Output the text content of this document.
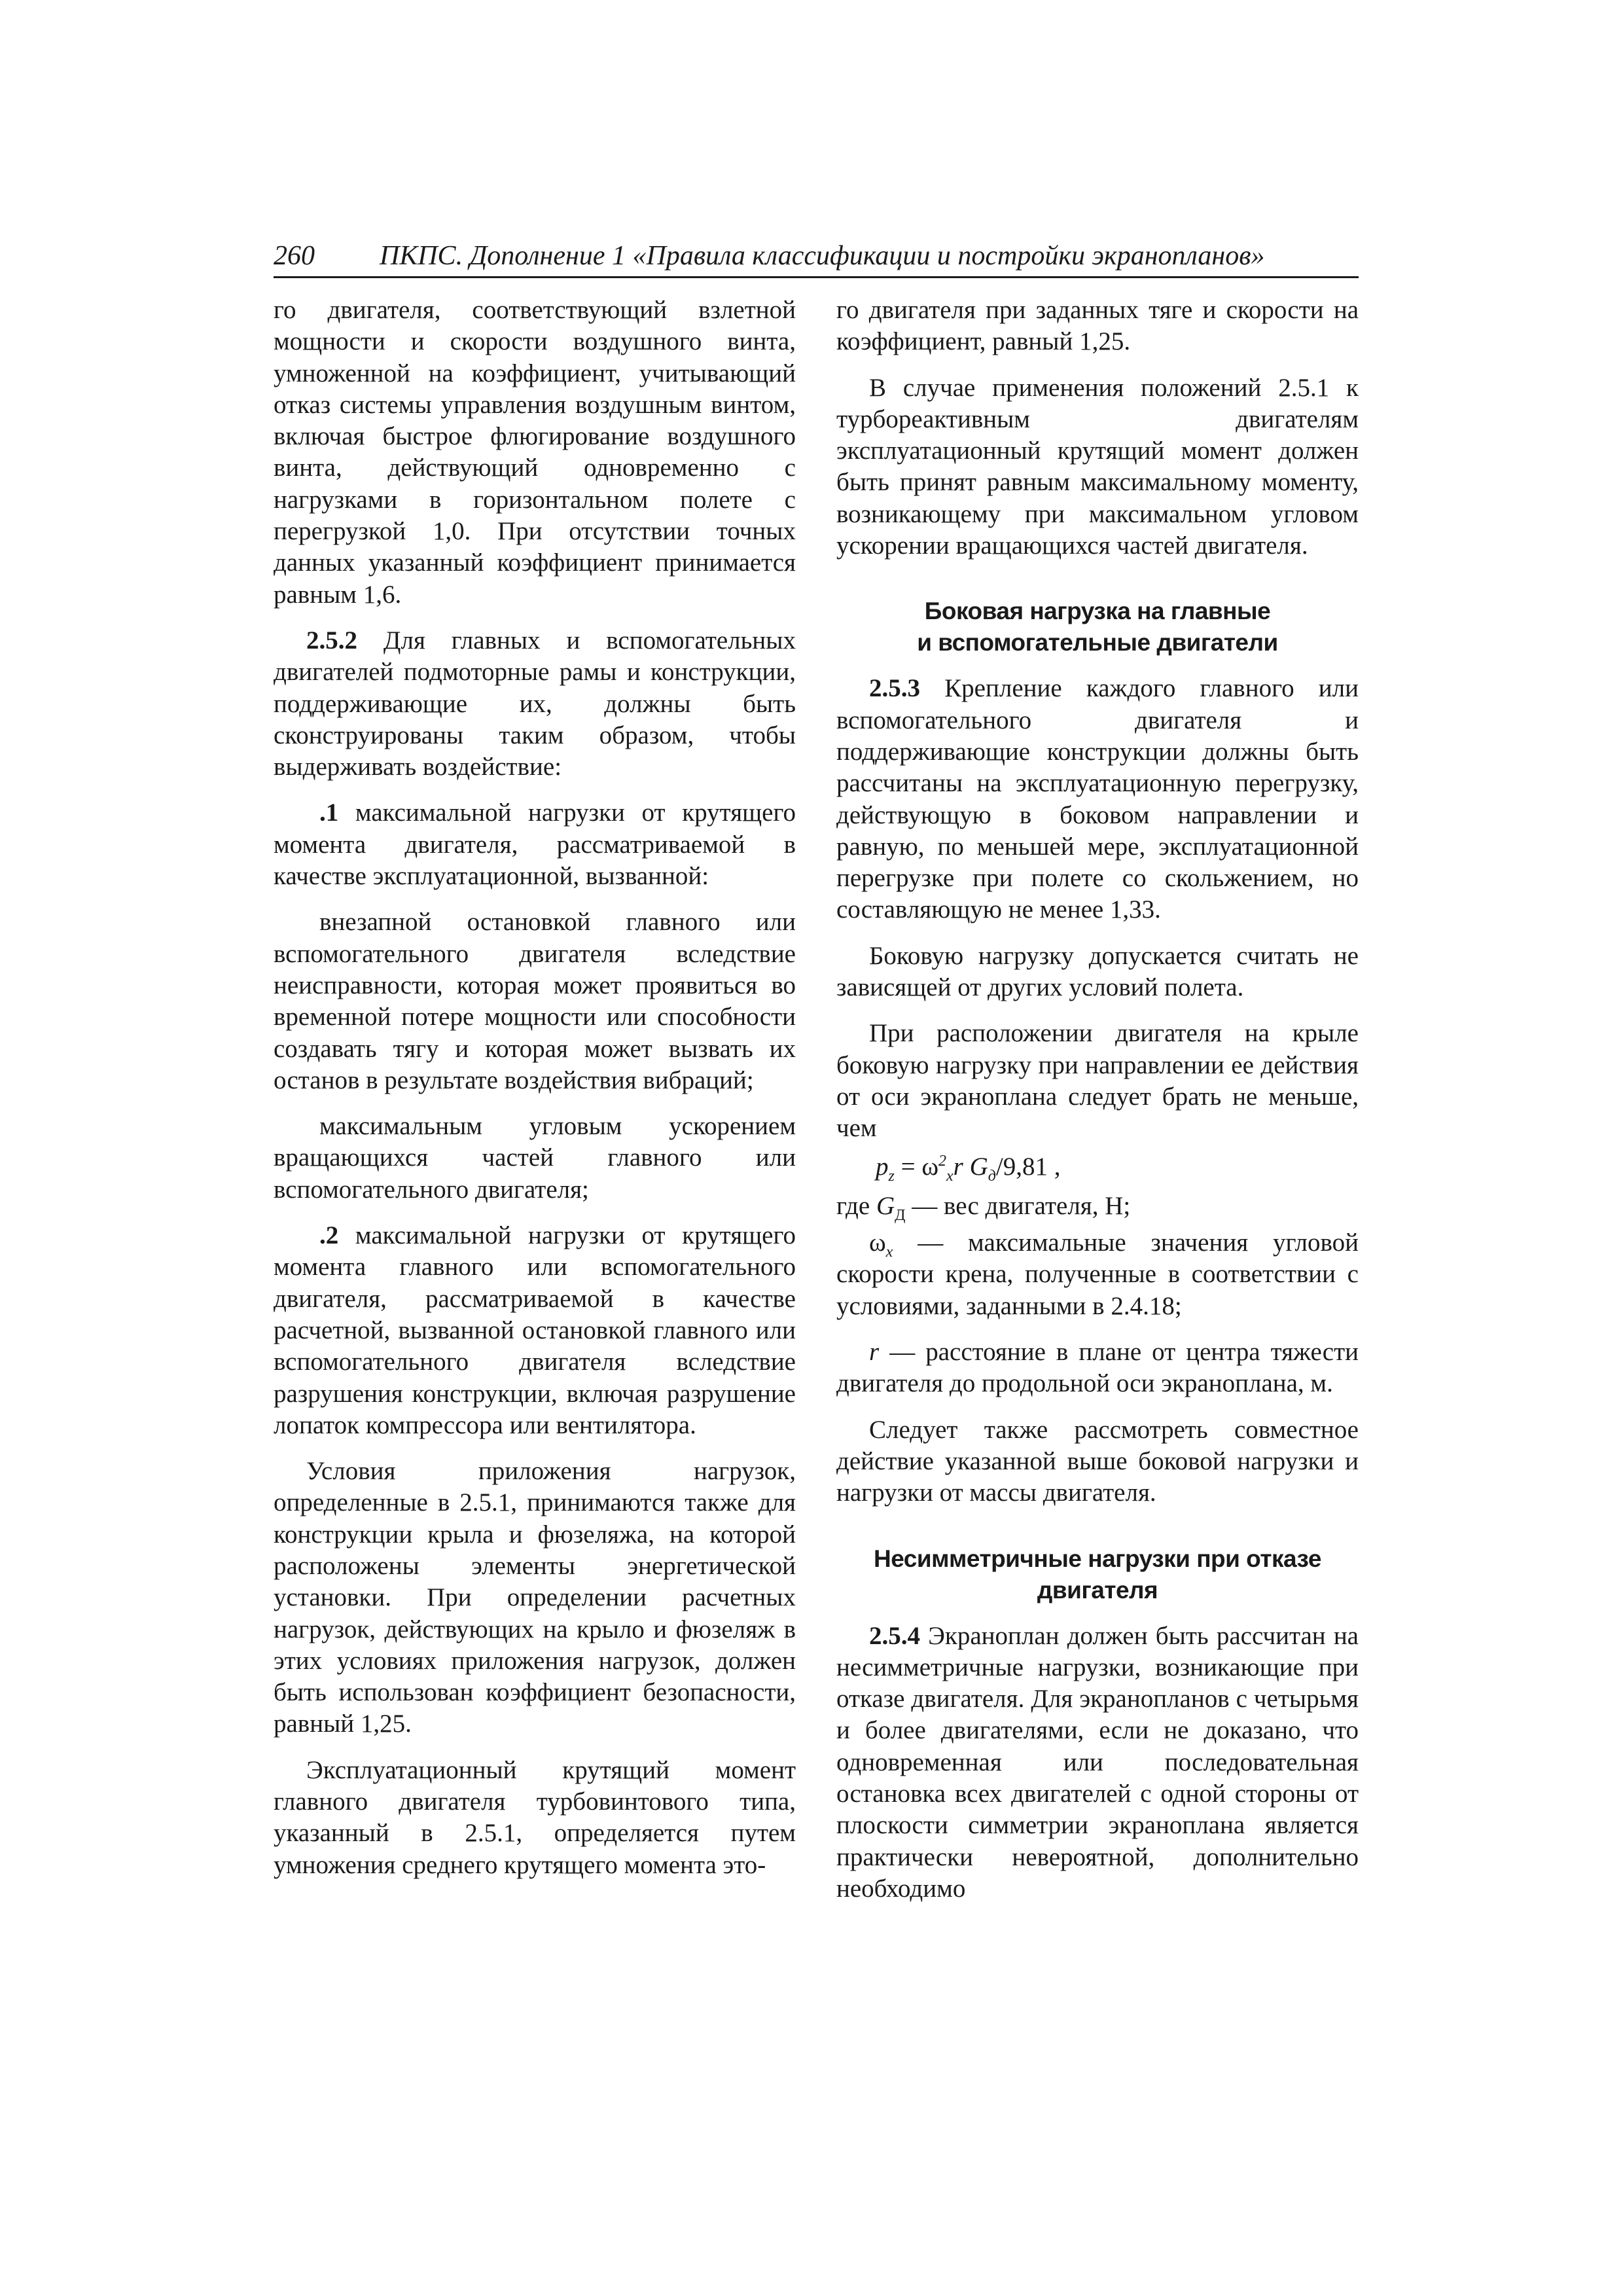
260 ПКПС. Дополнение 1 «Правила классификации и постройки экранопланов»

го двигателя, соответствующий взлетной мощности и скорости воздушного винта, умноженной на коэффициент, учитывающий отказ системы управления воздушным винтом, включая быстрое флюгирование воздушного винта, действующий одновременно с нагрузками в горизонтальном полете с перегрузкой 1,0. При отсутствии точных данных указанный коэффициент принимается равным 1,6.

2.5.2 Для главных и вспомогательных двигателей подмоторные рамы и конструкции, поддерживающие их, должны быть сконструированы таким образом, чтобы выдерживать воздействие:

.1 максимальной нагрузки от крутящего момента двигателя, рассматриваемой в качестве эксплуатационной, вызванной:

внезапной остановкой главного или вспомогательного двигателя вследствие неисправности, которая может проявиться во временной потере мощности или способности создавать тягу и которая может вызвать их останов в результате воздействия вибраций;

максимальным угловым ускорением вращающихся частей главного или вспомогательного двигателя;

.2 максимальной нагрузки от крутящего момента главного или вспомогательного двигателя, рассматриваемой в качестве расчетной, вызванной остановкой главного или вспомогательного двигателя вследствие разрушения конструкции, включая разрушение лопаток компрессора или вентилятора.

Условия приложения нагрузок, определенные в 2.5.1, принимаются также для конструкции крыла и фюзеляжа, на которой расположены элементы энергетической установки. При определении расчетных нагрузок, действующих на крыло и фюзеляж в этих условиях приложения нагрузок, должен быть использован коэффициент безопасности, равный 1,25.

Эксплуатационный крутящий момент главного двигателя турбовинтового типа, указанный в 2.5.1, определяется путем умножения среднего крутящего момента это-

го двигателя при заданных тяге и скорости на коэффициент, равный 1,25.

В случае применения положений 2.5.1 к турбореактивным двигателям эксплуатационный крутящий момент должен быть принят равным максимальному моменту, возникающему при максимальном угловом ускорении вращающихся частей двигателя.

Боковая нагрузка на главные
и вспомогательные двигатели

2.5.3 Крепление каждого главного или вспомогательного двигателя и поддерживающие конструкции должны быть рассчитаны на эксплуатационную перегрузку, действующую в боковом направлении и равную, по меньшей мере, эксплуатационной перегрузке при полете со скольжением, но составляющую не менее 1,33.

Боковую нагрузку допускается считать не зависящей от других условий полета.

При расположении двигателя на крыле боковую нагрузку при направлении ее действия от оси экраноплана следует брать не меньше, чем

$p_z = \omega^2_xr$ $G_д/9,81$ ,

где $G_Д$ — вес двигателя, Н;

$\omega_x$ — максимальные значения угловой скорости крена, полученные в соответствии с условиями, заданными в 2.4.18;

r — расстояние в плане от центра тяжести двигателя до продольной оси экраноплана, м.

Следует также рассмотреть совместное действие указанной выше боковой нагрузки и нагрузки от массы двигателя.

Несимметричные нагрузки при отказе
двигателя

2.5.4 Экраноплан должен быть рассчитан на несимметричные нагрузки, возникающие при отказе двигателя. Для экранопланов с четырьмя и более двигателями, если не доказано, что одновременная или последовательная остановка всех двигателей с одной стороны от плоскости симметрии экраноплана является практически невероятной, дополнительно необходимо
